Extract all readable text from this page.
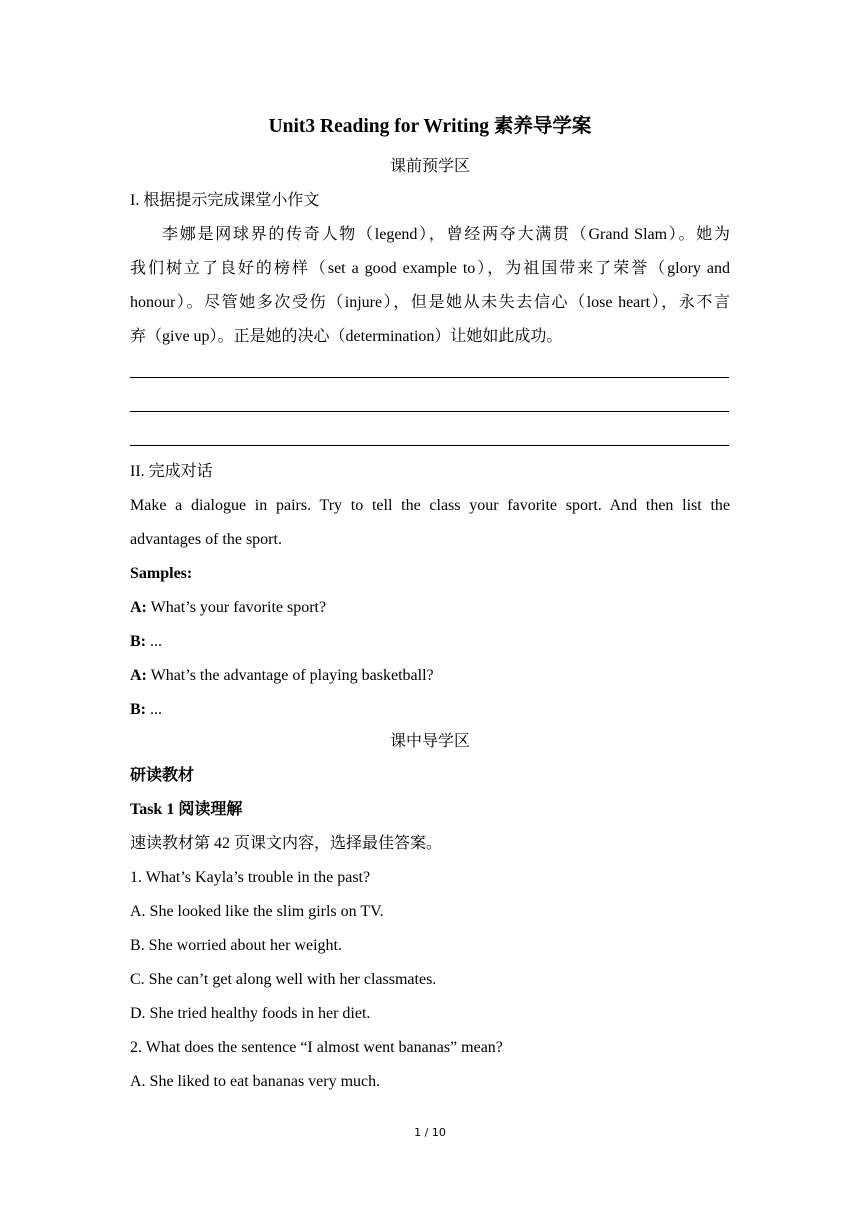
Unit3 Reading for Writing 素养导学案
课前预学区
I. 根据提示完成课堂小作文
李娜是网球界的传奇人物（legend），曾经两夺大满贯（Grand Slam）。她为
我们树立了良好的榜样（set a good example to），为祖国带来了荣誉（glory and
honour）。尽管她多次受伤（injure），但是她从未失去信心（lose heart），永不言
弃（give up）。正是她的决心（determination）让她如此成功。
II. 完成对话
Make a dialogue in pairs. Try to tell the class your favorite sport. And then list the
advantages of the sport.
Samples:
A: What’s your favorite sport?
B: ...
A: What’s the advantage of playing basketball?
B: ...
课中导学区
研读教材
Task 1 阅读理解
速读教材第 42 页课文内容，选择最佳答案。
1. What’s Kayla’s trouble in the past?
A. She looked like the slim girls on TV.
B. She worried about her weight.
C. She can’t get along well with her classmates.
D. She tried healthy foods in her diet.
2. What does the sentence “I almost went bananas” mean?
A. She liked to eat bananas very much.
1 / 10
